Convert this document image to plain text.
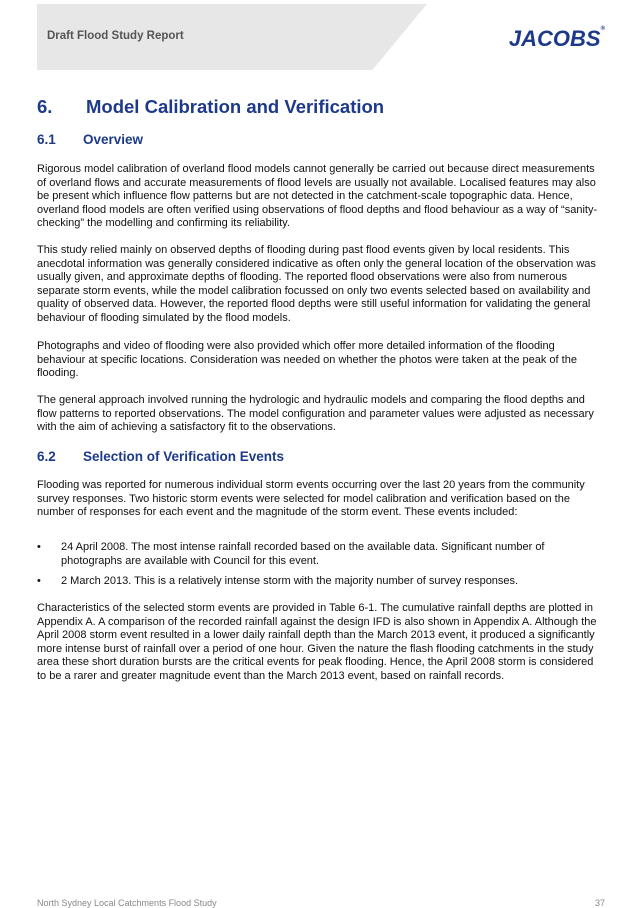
Draft Flood Study Report	JACOBS®
6. Model Calibration and Verification
6.1 Overview

Rigorous model calibration of overland flood models cannot generally be carried out because direct measurements of overland flows and accurate measurements of flood levels are usually not available. Localised features may also be present which influence flow patterns but are not detected in the catchment-scale topographic data. Hence, overland flood models are often verified using observations of flood depths and flood behaviour as a way of “sanity-checking” the modelling and confirming its reliability.

This study relied mainly on observed depths of flooding during past flood events given by local residents. This anecdotal information was generally considered indicative as often only the general location of the observation was usually given, and approximate depths of flooding. The reported flood observations were also from numerous separate storm events, while the model calibration focussed on only two events selected based on availability and quality of observed data. However, the reported flood depths were still useful information for validating the general behaviour of flooding simulated by the flood models.

Photographs and video of flooding were also provided which offer more detailed information of the flooding behaviour at specific locations. Consideration was needed on whether the photos were taken at the peak of the flooding.

The general approach involved running the hydrologic and hydraulic models and comparing the flood depths and flow patterns to reported observations. The model configuration and parameter values were adjusted as necessary with the aim of achieving a satisfactory fit to the observations.

6.2 Selection of Verification Events

Flooding was reported for numerous individual storm events occurring over the last 20 years from the community survey responses. Two historic storm events were selected for model calibration and verification based on the number of responses for each event and the magnitude of the storm event. These events included:

• 24 April 2008. The most intense rainfall recorded based on the available data. Significant number of photographs are available with Council for this event.
• 2 March 2013. This is a relatively intense storm with the majority number of survey responses.

Characteristics of the selected storm events are provided in Table 6-1. The cumulative rainfall depths are plotted in Appendix A. A comparison of the recorded rainfall against the design IFD is also shown in Appendix A. Although the April 2008 storm event resulted in a lower daily rainfall depth than the March 2013 event, it produced a significantly more intense burst of rainfall over a period of one hour. Given the nature the flash flooding catchments in the study area these short duration bursts are the critical events for peak flooding. Hence, the April 2008 storm is considered to be a rarer and greater magnitude event than the March 2013 event, based on rainfall records.

North Sydney Local Catchments Flood Study	37
